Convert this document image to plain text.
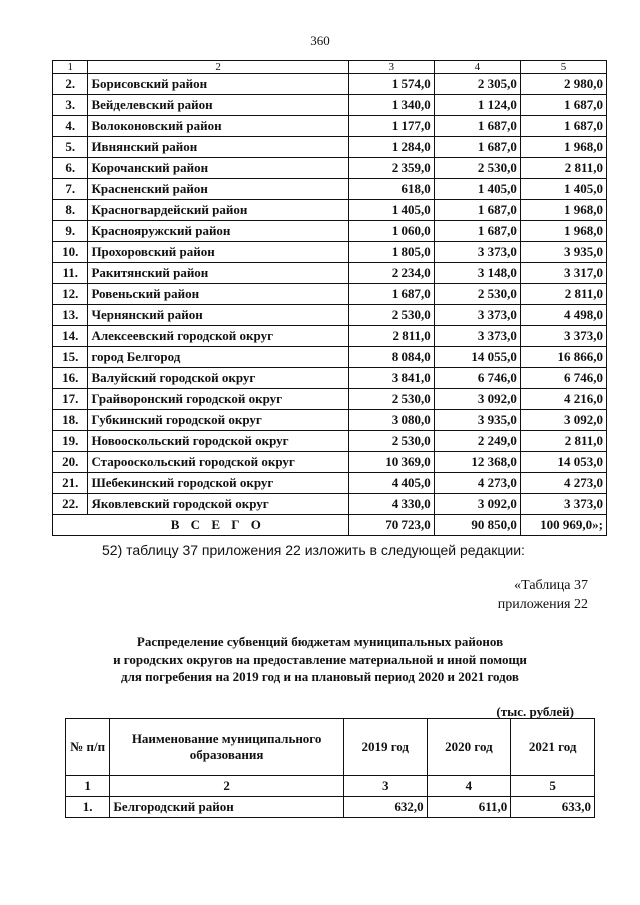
360
1	2	3	4	5
2.	Борисовский район	1 574,0	2 305,0	2 980,0
3.	Вейделевский район	1 340,0	1 124,0	1 687,0
4.	Волоконовский район	1 177,0	1 687,0	1 687,0
5.	Ивнянский район	1 284,0	1 687,0	1 968,0
6.	Корочанский район	2 359,0	2 530,0	2 811,0
7.	Красненский район	618,0	1 405,0	1 405,0
8.	Красногвардейский район	1 405,0	1 687,0	1 968,0
9.	Краснояружский район	1 060,0	1 687,0	1 968,0
10.	Прохоровский район	1 805,0	3 373,0	3 935,0
11.	Ракитянский район	2 234,0	3 148,0	3 317,0
12.	Ровеньский район	1 687,0	2 530,0	2 811,0
13.	Чернянский район	2 530,0	3 373,0	4 498,0
14.	Алексеевский городской округ	2 811,0	3 373,0	3 373,0
15.	город Белгород	8 084,0	14 055,0	16 866,0
16.	Валуйский городской округ	3 841,0	6 746,0	6 746,0
17.	Грайворонский городской округ	2 530,0	3 092,0	4 216,0
18.	Губкинский городской округ	3 080,0	3 935,0	3 092,0
19.	Новооскольский городской округ	2 530,0	2 249,0	2 811,0
20.	Старооскольский городской округ	10 369,0	12 368,0	14 053,0
21.	Шебекинский городской округ	4 405,0	4 273,0	4 273,0
22.	Яковлевский городской округ	4 330,0	3 092,0	3 373,0
	В С Е Г О	70 723,0	90 850,0	100 969,0»;
52) таблицу 37 приложения 22 изложить в следующей редакции:
«Таблица 37
приложения 22
Распределение субвенций бюджетам муниципальных районов
и городских округов на предоставление материальной и иной помощи
для погребения на 2019 год и на плановый период 2020 и 2021 годов
(тыс. рублей)
№ п/п	Наименование муниципального образования	2019 год	2020 год	2021 год
1	2	3	4	5
1.	Белгородский район	632,0	611,0	633,0
